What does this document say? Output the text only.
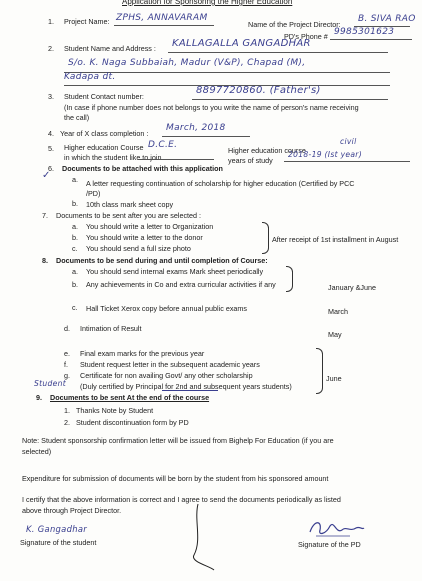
Application for Sponsoring the Higher Education
1. Project Name: ZPHS, ANNAVARAM
Name of the Project Director:
B. SIVA RAO
PD's Phone # 9985301623
2. Student Name and Address : KALLAGALLA GANGADHAR
S/o. K. Naga Subbaiah, Madur (V&P), Chapad (M),
Kadapa dt.
3. Student Contact number:
8897720860. (Father's)
(In case if phone number does not belongs to you write the name of person's name receiving
the call)
4. Year of X class completion :
March, 2018
5. Higher education Course
in which the student like to join
D.C.E.
Higher education course
years of study
civil
2018-19 (Ist year)
6. Documents to be attached with this application
✓	a. A letter requesting continuation of scholarship for higher education (Certified by PCC
/PD)
b. 10th class mark sheet copy
7. Documents to be sent after you are selected :
a. You should write a letter to Organization
b. You should write a letter to the donor
c. You should send a full size photo
After receipt of 1st installment in August
8. Documents to be send during and until completion of Course:
a. You should send internal exams Mark sheet periodically
b. Any achievements in Co and extra curricular activities if any	January &June
c. Hall Ticket Xerox copy before annual public exams	March
d. Intimation of Result
May
e. Final exam marks for the previous year
f. Student request letter in the subsequent academic years
g. Certificate for non availing Govt/ any other scholarship
Student (Duly certified by Principal for 2nd and subsequent years students)
June
9. Documents to be sent At the end of the course
1. Thanks Note by Student
2. Student discontinuation form by PD
Note: Student sponsorship confirmation letter will be issued from Bighelp For Education (if you are
selected)
Expenditure for submission of documents will be born by the student from his sponsored amount
I certify that the above information is correct and I agree to send the documents periodically as listed
above through Project Director.
K. Gangadhar
Signature of the student	Signature of the PD
